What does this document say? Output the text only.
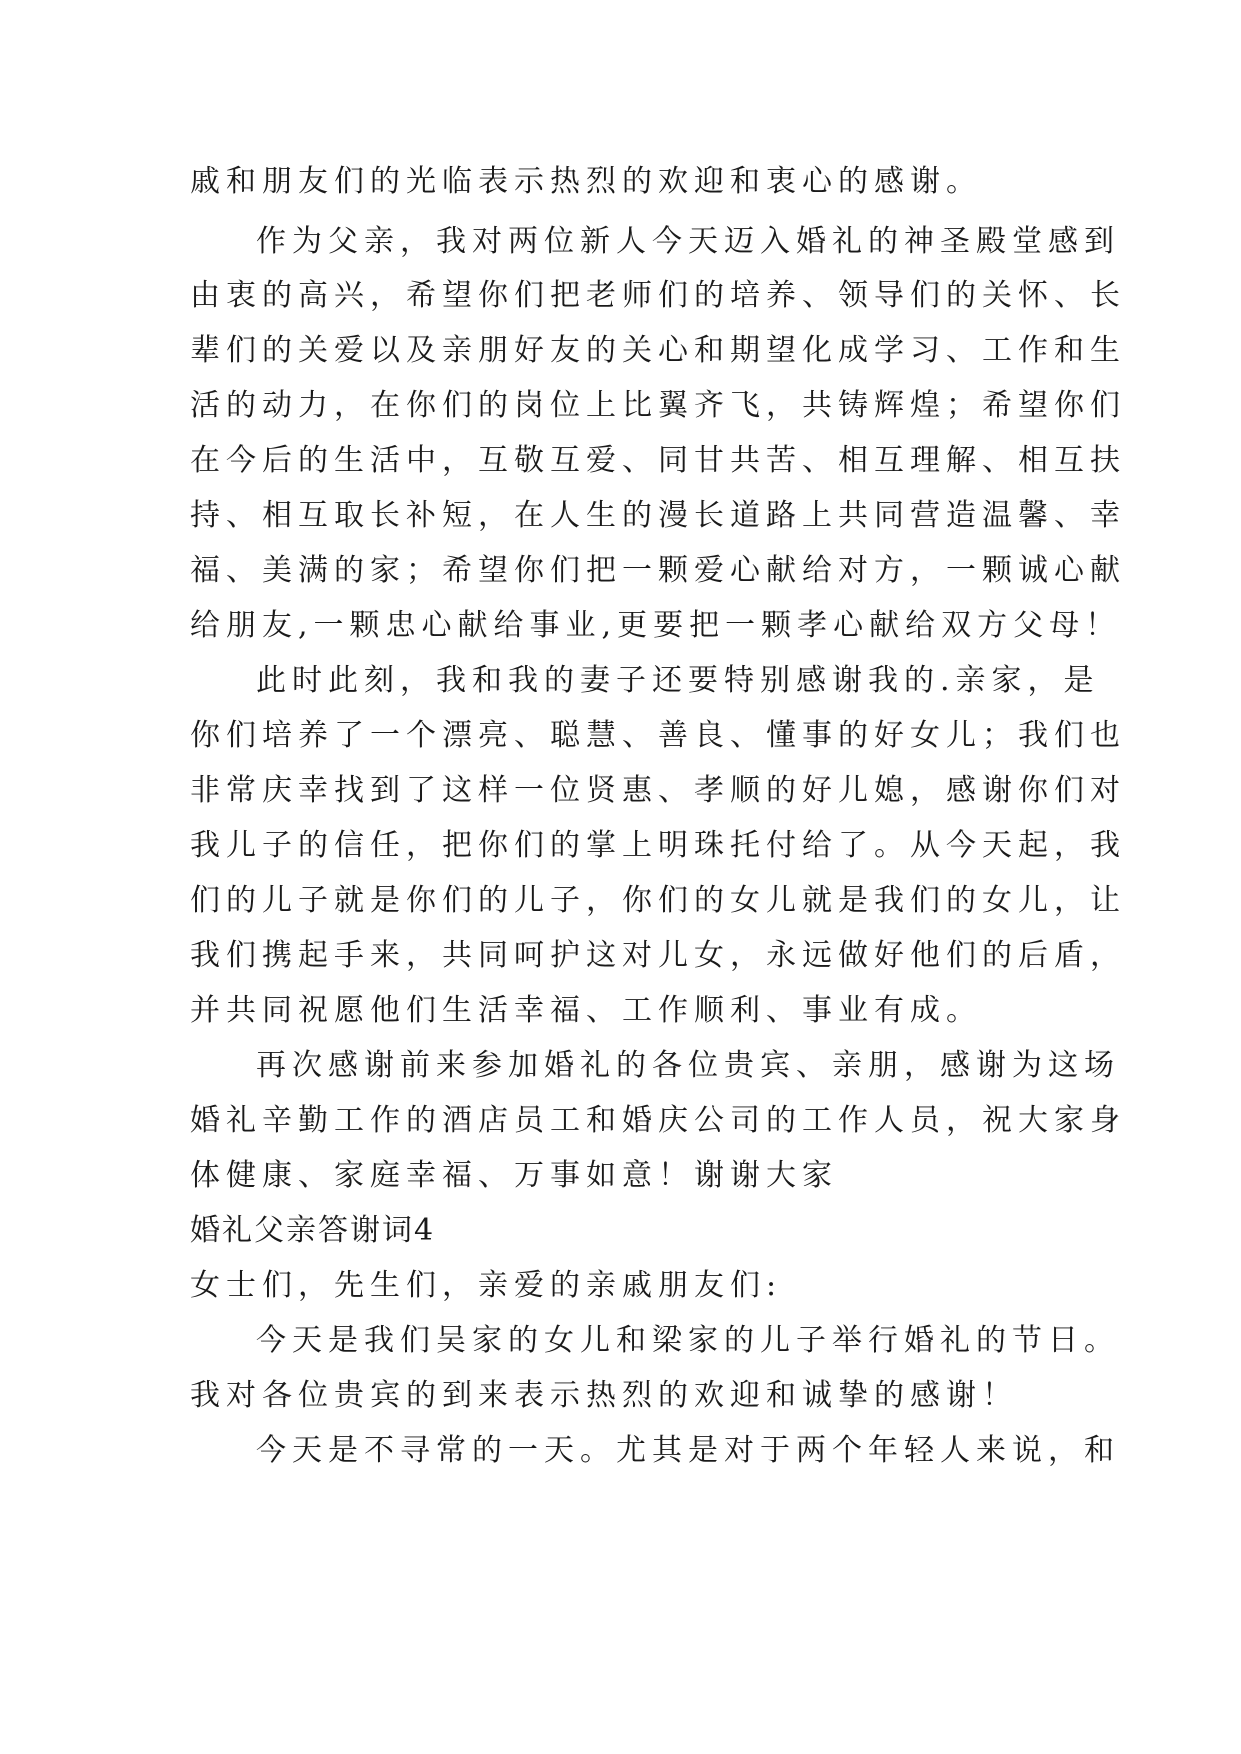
戚和朋友们的光临表示热烈的欢迎和衷心的感谢。

作为父亲，我对两位新人今天迈入婚礼的神圣殿堂感到

由衷的高兴，希望你们把老师们的培养、领导们的关怀、长

辈们的关爱以及亲朋好友的关心和期望化成学习、工作和生

活的动力，在你们的岗位上比翼齐飞，共铸辉煌；希望你们

在今后的生活中，互敬互爱、同甘共苦、相互理解、相互扶

持、相互取长补短，在人生的漫长道路上共同营造温馨、幸

福、美满的家；希望你们把一颗爱心献给对方，一颗诚心献

给朋友,一颗忠心献给事业,更要把一颗孝心献给双方父母！

此时此刻，我和我的妻子还要特别感谢我的.亲家，是

你们培养了一个漂亮、聪慧、善良、懂事的好女儿；我们也

非常庆幸找到了这样一位贤惠、孝顺的好儿媳，感谢你们对

我儿子的信任，把你们的掌上明珠托付给了。从今天起，我

们的儿子就是你们的儿子，你们的女儿就是我们的女儿，让

我们携起手来，共同呵护这对儿女，永远做好他们的后盾，

并共同祝愿他们生活幸福、工作顺利、事业有成。

再次感谢前来参加婚礼的各位贵宾、亲朋，感谢为这场

婚礼辛勤工作的酒店员工和婚庆公司的工作人员，祝大家身

体健康、家庭幸福、万事如意！谢谢大家

婚礼父亲答谢词4

女士们，先生们，亲爱的亲戚朋友们:

今天是我们吴家的女儿和梁家的儿子举行婚礼的节日。

我对各位贵宾的到来表示热烈的欢迎和诚挚的感谢！

今天是不寻常的一天。尤其是对于两个年轻人来说，和
